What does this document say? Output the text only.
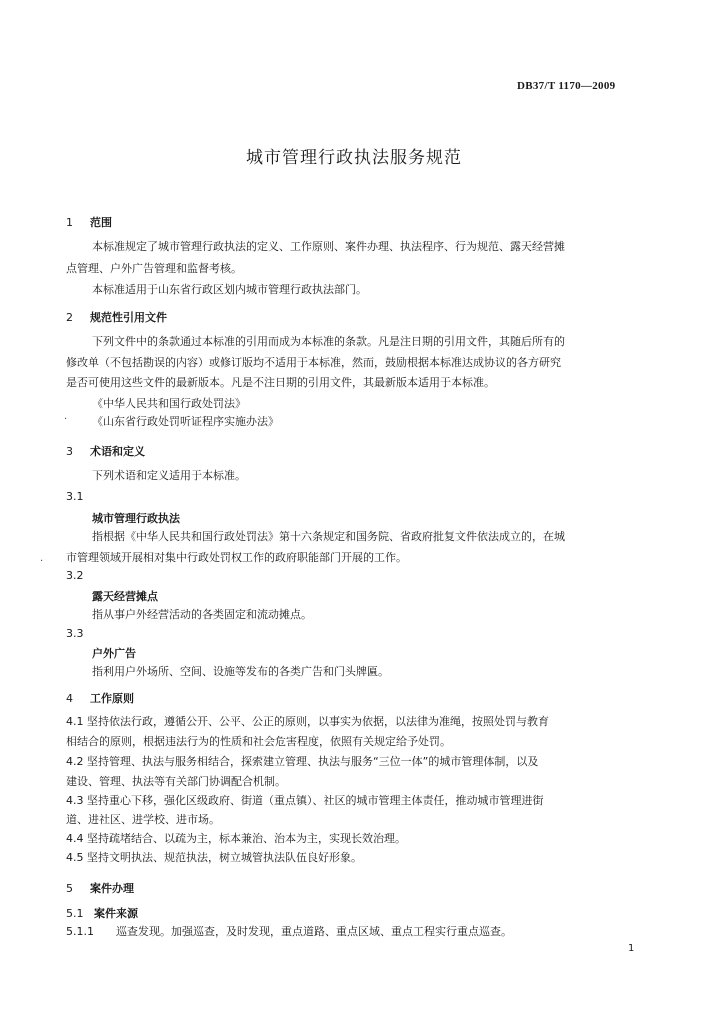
DB37/T 1170—2009
城市管理行政执法服务规范
1 范围
本标准规定了城市管理行政执法的定义、工作原则、案件办理、执法程序、行为规范、露天经营摊
点管理、户外广告管理和监督考核。
本标准适用于山东省行政区划内城市管理行政执法部门。
2 规范性引用文件
下列文件中的条款通过本标准的引用而成为本标准的条款。凡是注日期的引用文件，其随后所有的
修改单（不包括勘误的内容）或修订版均不适用于本标准，然而，鼓励根据本标准达成协议的各方研究
是否可使用这些文件的最新版本。凡是不注日期的引用文件，其最新版本适用于本标准。
《中华人民共和国行政处罚法》
· 《山东省行政处罚听证程序实施办法》
3 术语和定义
下列术语和定义适用于本标准。
3.1
城市管理行政执法
指根据《中华人民共和国行政处罚法》第十六条规定和国务院、省政府批复文件依法成立的，在城
市管理领域开展相对集中行政处罚权工作的政府职能部门开展的工作。
·
3.2
露天经营摊点
指从事户外经营活动的各类固定和流动摊点。
3.3
户外广告
指利用户外场所、空间、设施等发布的各类广告和门头牌匾。
4 工作原则
4.1 坚持依法行政，遵循公开、公平、公正的原则，以事实为依据，以法律为准绳，按照处罚与教育
相结合的原则，根据违法行为的性质和社会危害程度，依照有关规定给予处罚。
4.2 坚持管理、执法与服务相结合，探索建立管理、执法与服务“三位一体”的城市管理体制，以及
建设、管理、执法等有关部门协调配合机制。
4.3 坚持重心下移，强化区级政府、街道（重点镇）、社区的城市管理主体责任，推动城市管理进街
道、进社区、进学校、进市场。
4.4 坚持疏堵结合、以疏为主，标本兼治、治本为主，实现长效治理。
4.5 坚持文明执法、规范执法，树立城管执法队伍良好形象。
5 案件办理
5.1 案件来源
5.1.1 巡查发现。加强巡查，及时发现，重点道路、重点区域、重点工程实行重点巡查。
1
